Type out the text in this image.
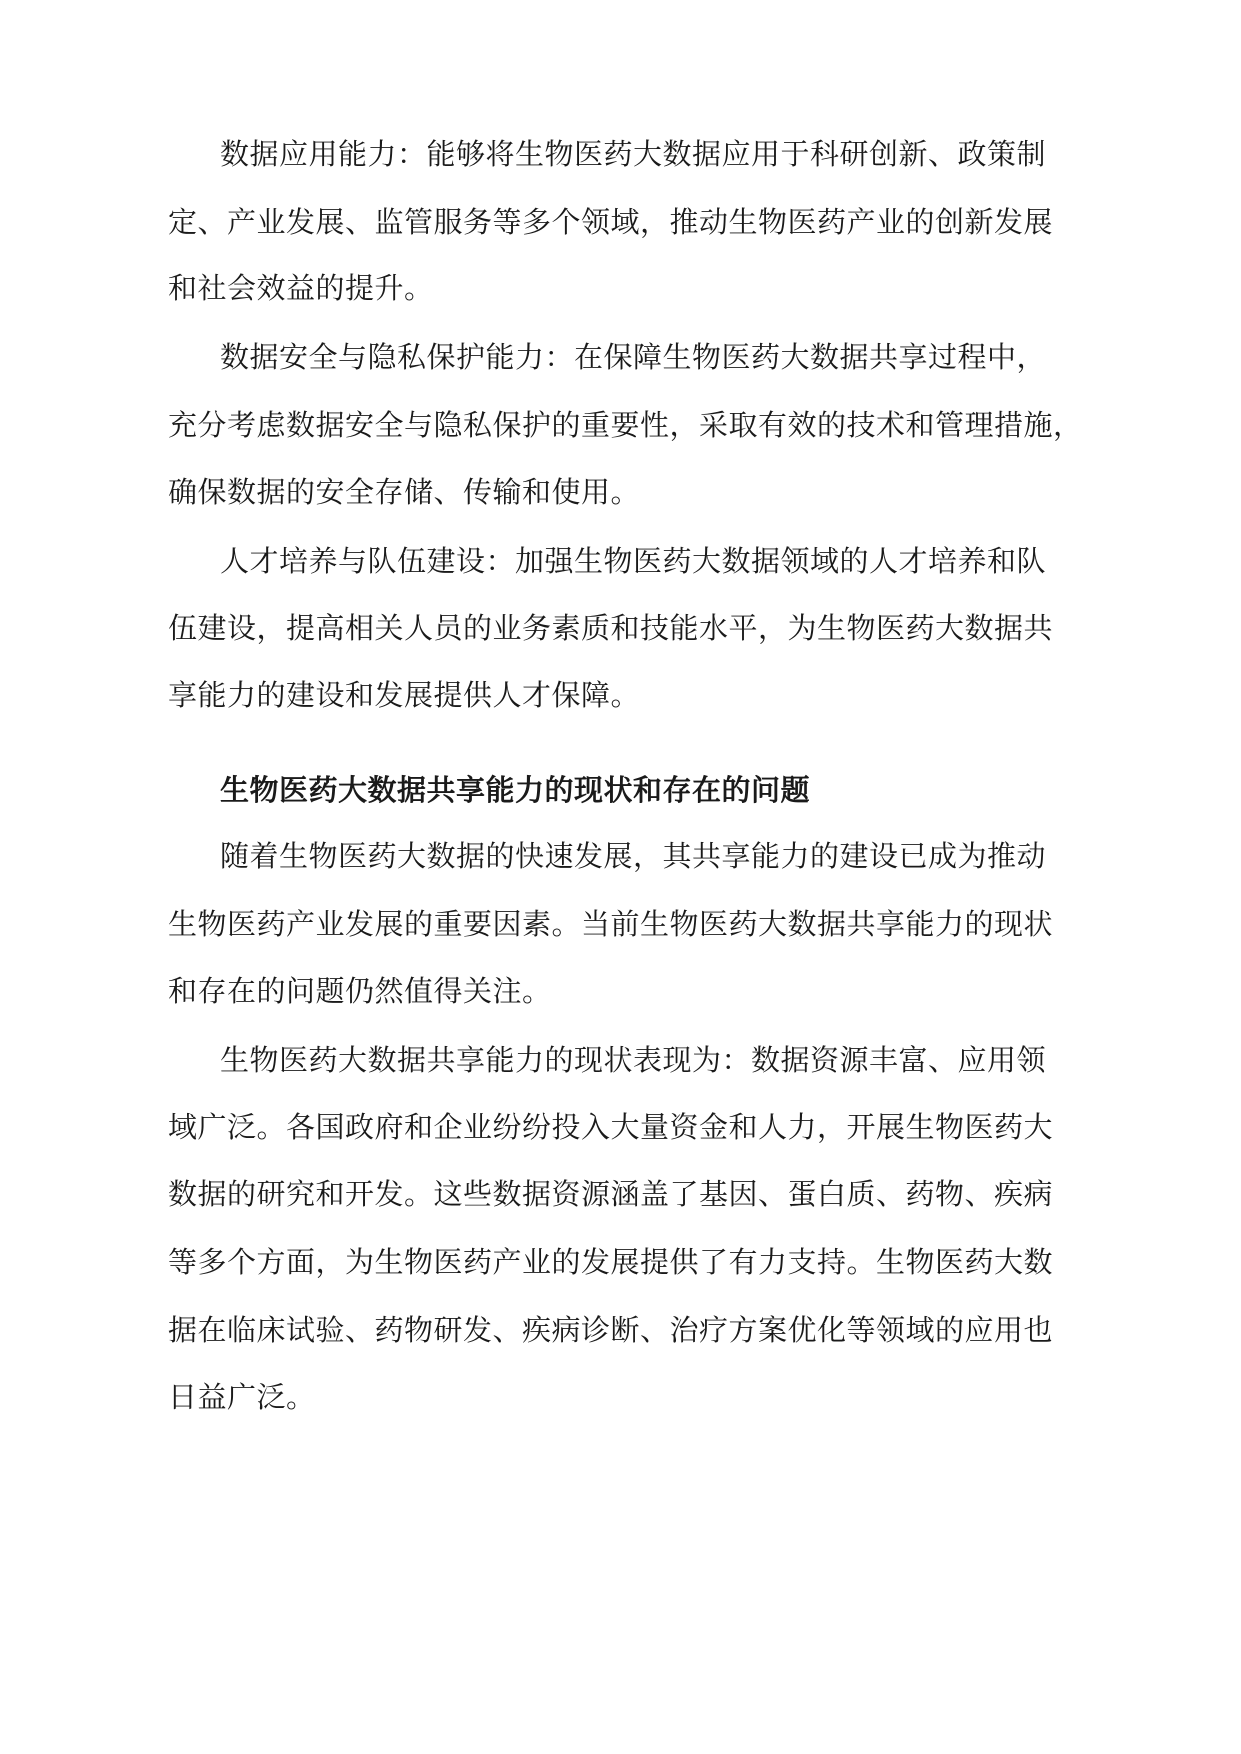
数据应用能力：能够将生物医药大数据应用于科研创新、政策制
定、产业发展、监管服务等多个领域，推动生物医药产业的创新发展
和社会效益的提升。
数据安全与隐私保护能力：在保障生物医药大数据共享过程中，
充分考虑数据安全与隐私保护的重要性，采取有效的技术和管理措施，
确保数据的安全存储、传输和使用。
人才培养与队伍建设：加强生物医药大数据领域的人才培养和队
伍建设，提高相关人员的业务素质和技能水平，为生物医药大数据共
享能力的建设和发展提供人才保障。
生物医药大数据共享能力的现状和存在的问题
随着生物医药大数据的快速发展，其共享能力的建设已成为推动
生物医药产业发展的重要因素。当前生物医药大数据共享能力的现状
和存在的问题仍然值得关注。
生物医药大数据共享能力的现状表现为：数据资源丰富、应用领
域广泛。各国政府和企业纷纷投入大量资金和人力，开展生物医药大
数据的研究和开发。这些数据资源涵盖了基因、蛋白质、药物、疾病
等多个方面，为生物医药产业的发展提供了有力支持。生物医药大数
据在临床试验、药物研发、疾病诊断、治疗方案优化等领域的应用也
日益广泛。
